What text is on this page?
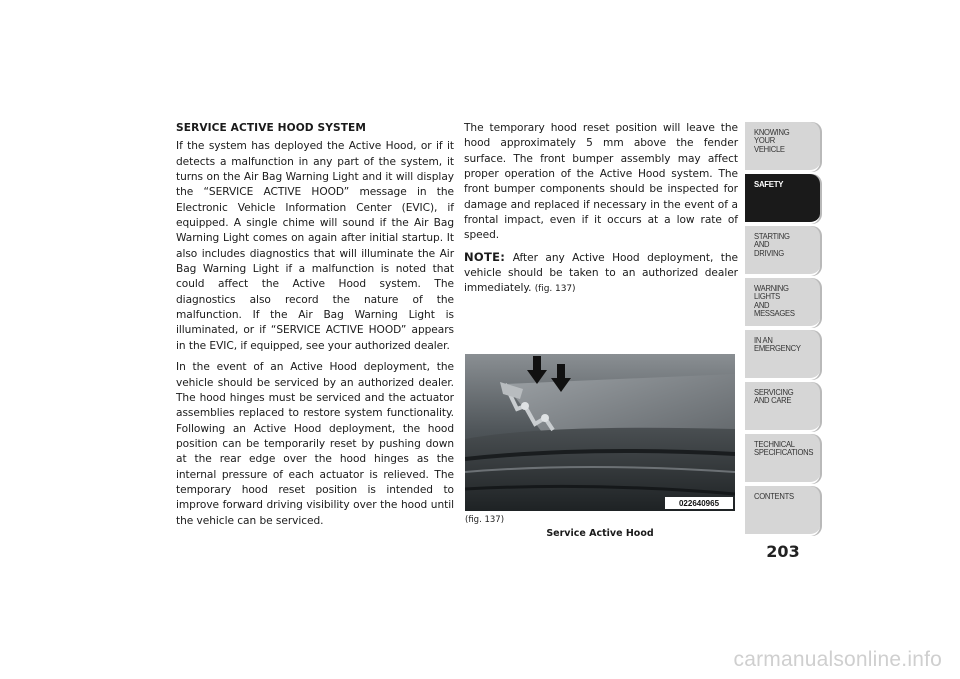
SERVICE ACTIVE HOOD SYSTEM

If the system has deployed the Active Hood, or if it detects a malfunction in any part of the system, it turns on the Air Bag Warning Light and it will display the “SERVICE ACTIVE HOOD” message in the Electronic Vehicle Information Center (EVIC), if equipped. A single chime will sound if the Air Bag Warning Light comes on again after initial startup. It also includes diagnostics that will illuminate the Air Bag Warning Light if a malfunction is noted that could affect the Active Hood system. The diagnostics also record the nature of the malfunction. If the Air Bag Warning Light is illuminated, or if “SERVICE ACTIVE HOOD” appears in the EVIC, if equipped, see your authorized dealer.

In the event of an Active Hood deployment, the vehicle should be serviced by an authorized dealer. The hood hinges must be serviced and the actuator assemblies replaced to restore system functionality. Following an Active Hood deployment, the hood position can be temporarily reset by pushing down at the rear edge over the hood hinges as the internal pressure of each actuator is relieved. The temporary hood reset position is intended to improve forward driving visibility over the hood until the vehicle can be serviced.

The temporary hood reset position will leave the hood approximately 5 mm above the fender surface. The front bumper assembly may affect proper operation of the Active Hood system. The front bumper components should be inspected for damage and replaced if necessary in the event of a frontal impact, even if it occurs at a low rate of speed.

NOTE: After any Active Hood deployment, the vehicle should be taken to an authorized dealer immediately. (fig. 137)

022640965
(fig. 137)
Service Active Hood
KNOWING
YOUR
VEHICLE
SAFETY
STARTING
AND
DRIVING
WARNING
LIGHTS
AND
MESSAGES
IN AN
EMERGENCY
SERVICING
AND CARE
TECHNICAL
SPECIFICATIONS
CONTENTS
203
carmanualsonline.info
